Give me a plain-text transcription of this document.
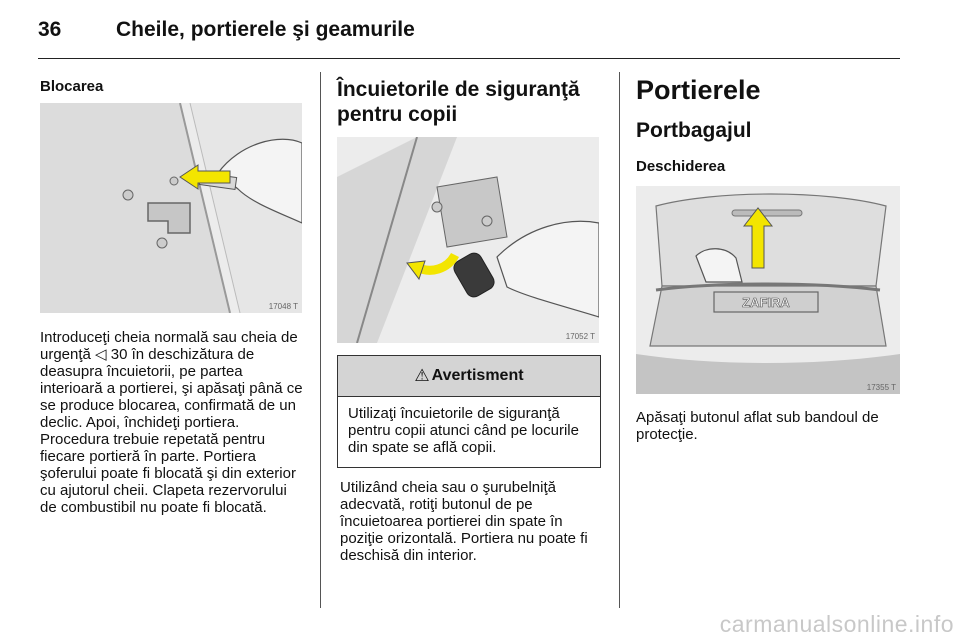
36	Cheile, portierele şi geamurile
Blocarea
17048 T

Introduceţi cheia normală sau cheia de urgenţă ◁ 30 în deschizătura de deasupra încuietorii, pe partea interioară a portierei, şi apăsaţi până ce se produce blocarea, confirmată de un declic. Apoi, închideţi portiera. Procedura trebuie repetată pentru fiecare portieră în parte. Portiera şoferului poate fi blocată şi din exterior cu ajutorul cheii. Clapeta rezervorului de combustibil nu poate fi blocată.

Încuietorile de siguranţă
pentru copii
17052 T
⚠ Avertisment
Utilizaţi încuietorile de siguranţă pentru copii atunci când pe locurile din spate se află copii.

Utilizând cheia sau o şurubelniţă adecvată, rotiţi butonul de pe încuietoarea portierei din spate în poziţie orizontală. Portiera nu poate fi deschisă din interior.

Portierele
Portbagajul
Deschiderea
ZAFIRA
17355 T

Apăsaţi butonul aflat sub bandoul de protecţie.

carmanualsonline.info
